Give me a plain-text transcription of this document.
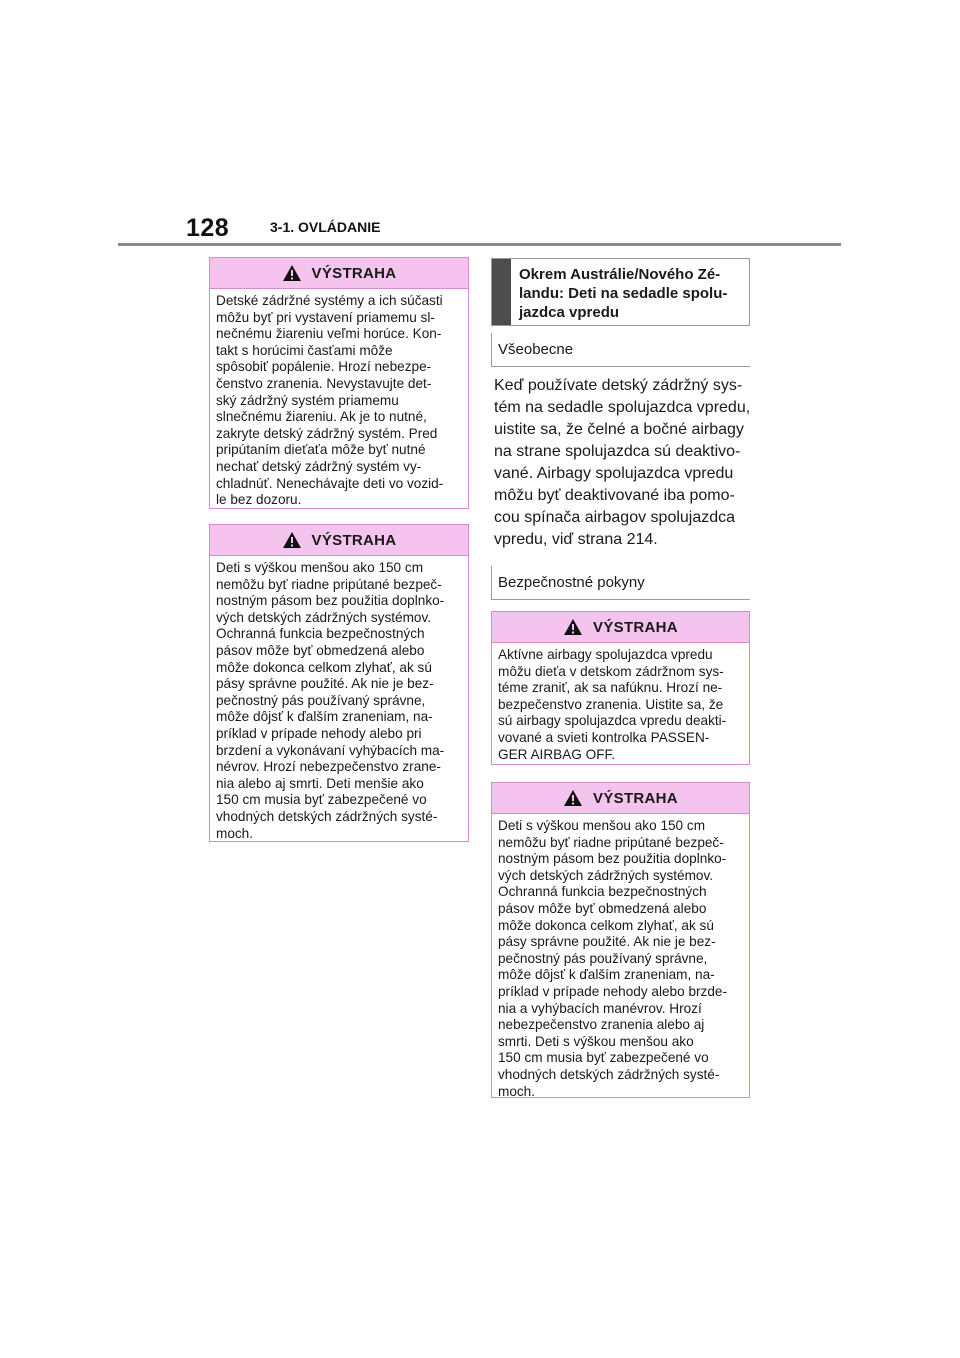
128	3-1. OVLÁDANIE
VÝSTRAHA
Detské zádržné systémy a ich súčasti
môžu byť pri vystavení priamemu sl-
nečnému žiareniu veľmi horúce. Kon-
takt s horúcimi časťami môže
spôsobiť popálenie. Hrozí nebezpe-
čenstvo zranenia. Nevystavujte det-
ský zádržný systém priamemu
slnečnému žiareniu. Ak je to nutné,
zakryte detský zádržný systém. Pred
pripútaním dieťaťa môže byť nutné
nechať detský zádržný systém vy-
chladnúť. Nenechávajte deti vo vozid-
le bez dozoru.
VÝSTRAHA
Deti s výškou menšou ako 150 cm
nemôžu byť riadne pripútané bezpeč-
nostným pásom bez použitia doplnko-
vých detských zádržných systémov.
Ochranná funkcia bezpečnostných
pásov môže byť obmedzená alebo
môže dokonca celkom zlyhať, ak sú
pásy správne použité. Ak nie je bez-
pečnostný pás používaný správne,
môže dôjsť k ďalším zraneniam, na-
príklad v prípade nehody alebo pri
brzdení a vykonávaní vyhýbacích ma-
névrov. Hrozí nebezpečenstvo zrane-
nia alebo aj smrti. Deti menšie ako
150 cm musia byť zabezpečené vo
vhodných detských zádržných systé-
moch.
Okrem Austrálie/Nového Zé-
landu: Deti na sedadle spolu-
jazdca vpredu
Všeobecne
Keď používate detský zádržný sys-
tém na sedadle spolujazdca vpredu,
uistite sa, že čelné a bočné airbagy
na strane spolujazdca sú deaktivo-
vané. Airbagy spolujazdca vpredu
môžu byť deaktivované iba pomo-
cou spínača airbagov spolujazdca
vpredu, viď strana 214.
Bezpečnostné pokyny
VÝSTRAHA
Aktívne airbagy spolujazdca vpredu
môžu dieťa v detskom zádržnom sys-
téme zraniť, ak sa nafúknu. Hrozí ne-
bezpečenstvo zranenia. Uistite sa, že
sú airbagy spolujazdca vpredu deakti-
vované a svieti kontrolka PASSEN-
GER AIRBAG OFF.
VÝSTRAHA
Deti s výškou menšou ako 150 cm
nemôžu byť riadne pripútané bezpeč-
nostným pásom bez použitia doplnko-
vých detských zádržných systémov.
Ochranná funkcia bezpečnostných
pásov môže byť obmedzená alebo
môže dokonca celkom zlyhať, ak sú
pásy správne použité. Ak nie je bez-
pečnostný pás používaný správne,
môže dôjsť k ďalším zraneniam, na-
príklad v prípade nehody alebo brzde-
nia a vyhýbacích manévrov. Hrozí
nebezpečenstvo zranenia alebo aj
smrti. Deti s výškou menšou ako
150 cm musia byť zabezpečené vo
vhodných detských zádržných systé-
moch.
